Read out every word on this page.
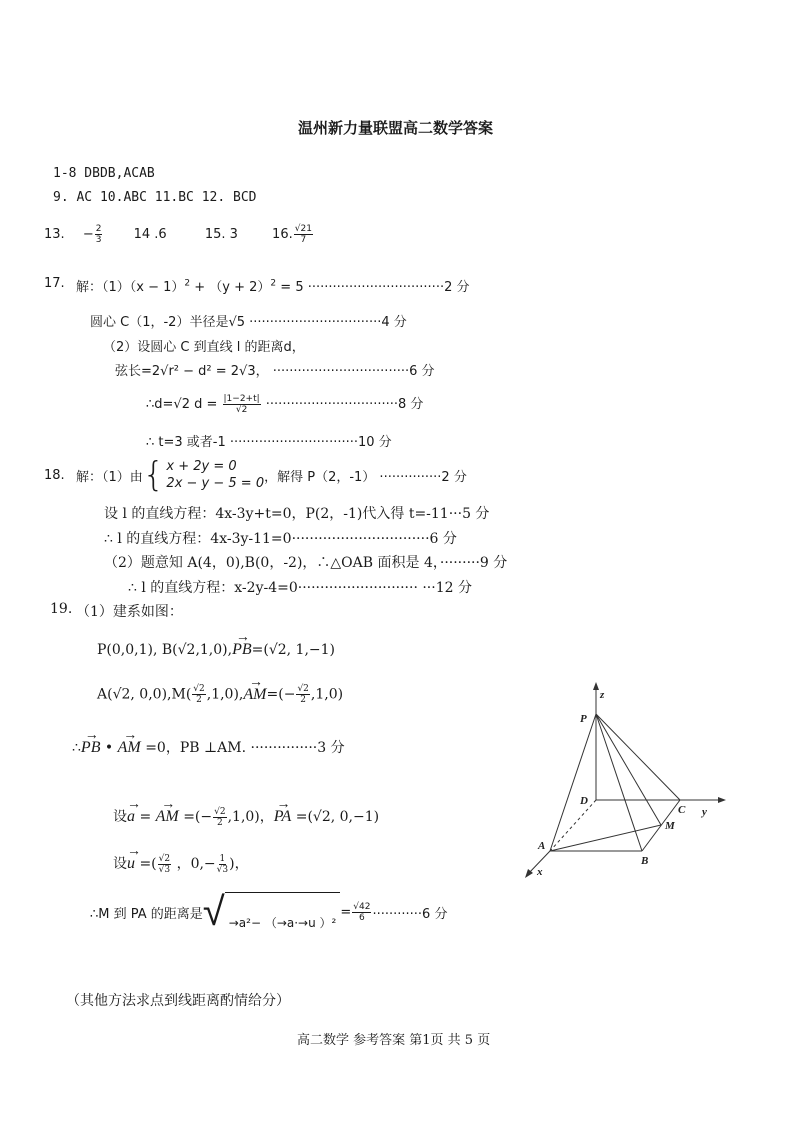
温州新力量联盟高二数学答案
1-8 DBDB,ACAB
9. AC 10.ABC 11.BC 12. BCD
13. − $\frac{2}{3} 14$ .6	15. 3	16. $\frac{√21}{7}$
17. 解：$(1)(x - 1)^2 + (y + 2)^2 = 5 \cdot\cdot\cdot\cdot\cdot\cdot\cdot\cdot\cdot\cdot\cdot\cdot\cdot\cdot\cdot\cdot\cdot\cdot\cdot\cdot\cdot\cdot\cdot\cdot\cdot\cdot\cdot\cdot\cdot\cdot\cdot\cdot\cdot 2$ 分
圆心 C（1，-2）半径是√5 ································4 分
（2）设圆心 C 到直线 l 的距离d，
弦长=2√r² − d² = 2√3， ·································6 分
∴d=√2 $d = \frac{|1-2+t|}{√2} \cdot\cdot\cdot\cdot\cdot\cdot\cdot\cdot\cdot\cdot\cdot\cdot\cdot\cdot\cdot\cdot\cdot\cdot\cdot\cdot\cdot\cdot\cdot\cdot\cdot\cdot\cdot\cdot\cdot\cdot\cdot\cdot 8$ 分
∴ t=3 或者-1 ·······························10 分
18. 解：（1）由 { x + 2y = 0
2x − y − 5 = 0 ，解得 P（2，-1） ···············2 分
设 l 的直线方程：4x-3y+t=0，P(2，-1)代入得 t=-11···5 分
∴ l 的直线方程：4x-3y-11=0·······························6 分
（2）题意知 A(4，0),B(0，-2)，∴△OAB 面积是 4，·········9 分
∴ l 的直线方程：x-2y-4=0··························· ···12 分
19. （1）建系如图：
P(0,0,1), B(√2,1,0),→ PB=(√2, 1,−1)
A(√2, $0,0),M( \frac{√2}{2} ,1,0),\to AM=(- \frac{√2}{2} ,1,0)$
∴→ PB • → AM =0，PB ⊥AM. ···············3 分
设→ a = → AM =(− $\frac{√2}{2} ,1,0$)，→ PA =(√2, 0,−1)
设→ u =( $\frac{√2}{√3}$ ，$0,- \frac{1}{√3}$ )，
∴M 到 PA 的距离是 √ →a²− （→a·→u ）²
= $\frac{√42}{6} \cdot\cdot\cdot\cdot\cdot\cdot\cdot\cdot\cdot\cdot\cdot\cdot 6$ 分
（其他方法求点到线距离酌情给分）
z
P
D
C y
M
A
B
x
高二数学 参考答案 第1页 共 5 页
